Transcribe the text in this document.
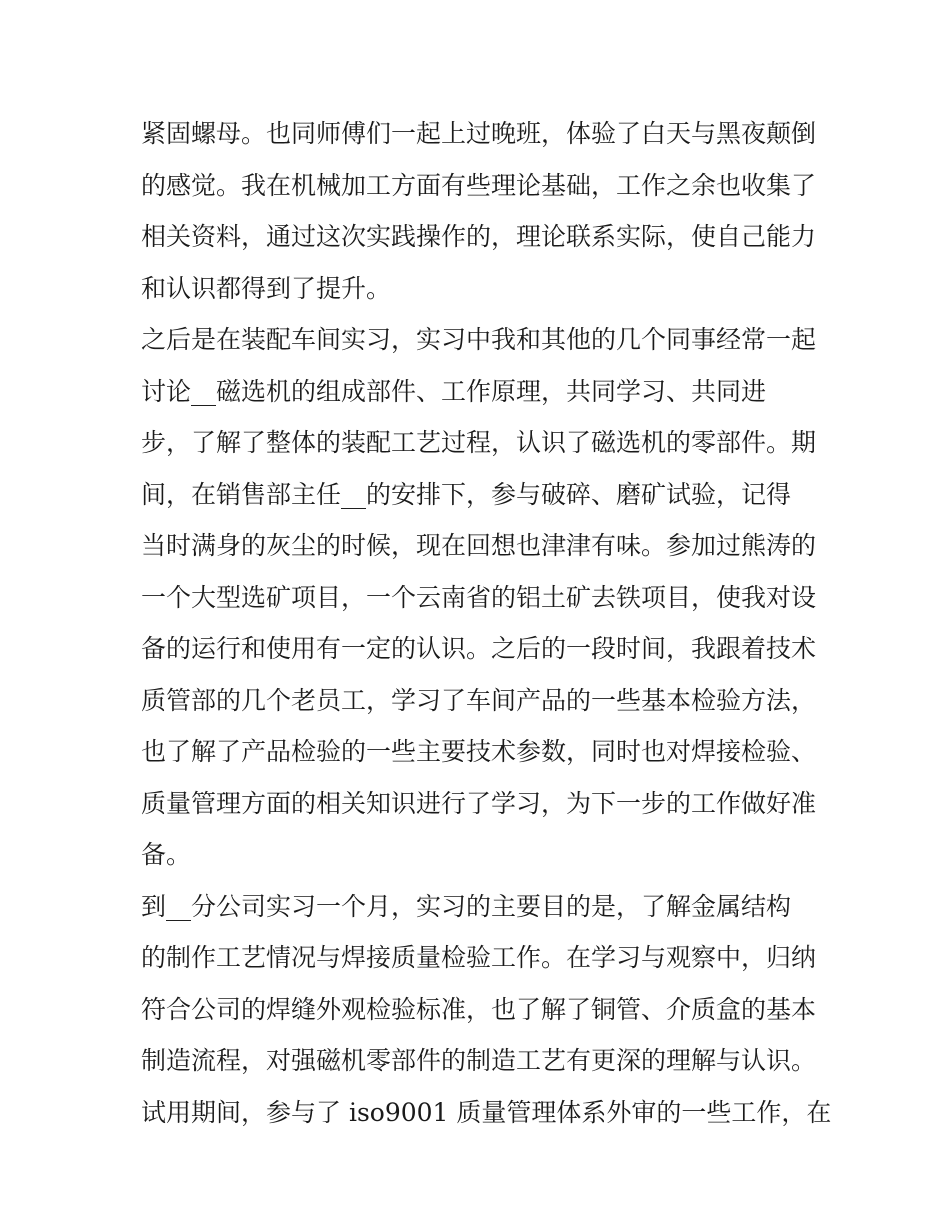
紧固螺母。也同师傅们一起上过晚班，体验了白天与黑夜颠倒
的感觉。我在机械加工方面有些理论基础，工作之余也收集了
相关资料，通过这次实践操作的，理论联系实际，使自己能力
和认识都得到了提升。
之后是在装配车间实习，实习中我和其他的几个同事经常一起
讨论__磁选机的组成部件、工作原理，共同学习、共同进
步，了解了整体的装配工艺过程，认识了磁选机的零部件。期
间，在销售部主任__的安排下，参与破碎、磨矿试验，记得
当时满身的灰尘的时候，现在回想也津津有味。参加过熊涛的
一个大型选矿项目，一个云南省的铝土矿去铁项目，使我对设
备的运行和使用有一定的认识。之后的一段时间，我跟着技术
质管部的几个老员工，学习了车间产品的一些基本检验方法，
也了解了产品检验的一些主要技术参数，同时也对焊接检验、
质量管理方面的相关知识进行了学习，为下一步的工作做好准
备。
到__分公司实习一个月，实习的主要目的是，了解金属结构
的制作工艺情况与焊接质量检验工作。在学习与观察中，归纳
符合公司的焊缝外观检验标准，也了解了铜管、介质盒的基本
制造流程，对强磁机零部件的制造工艺有更深的理解与认识。
试用期间，参与了 iso9001 质量管理体系外审的一些工作，在
